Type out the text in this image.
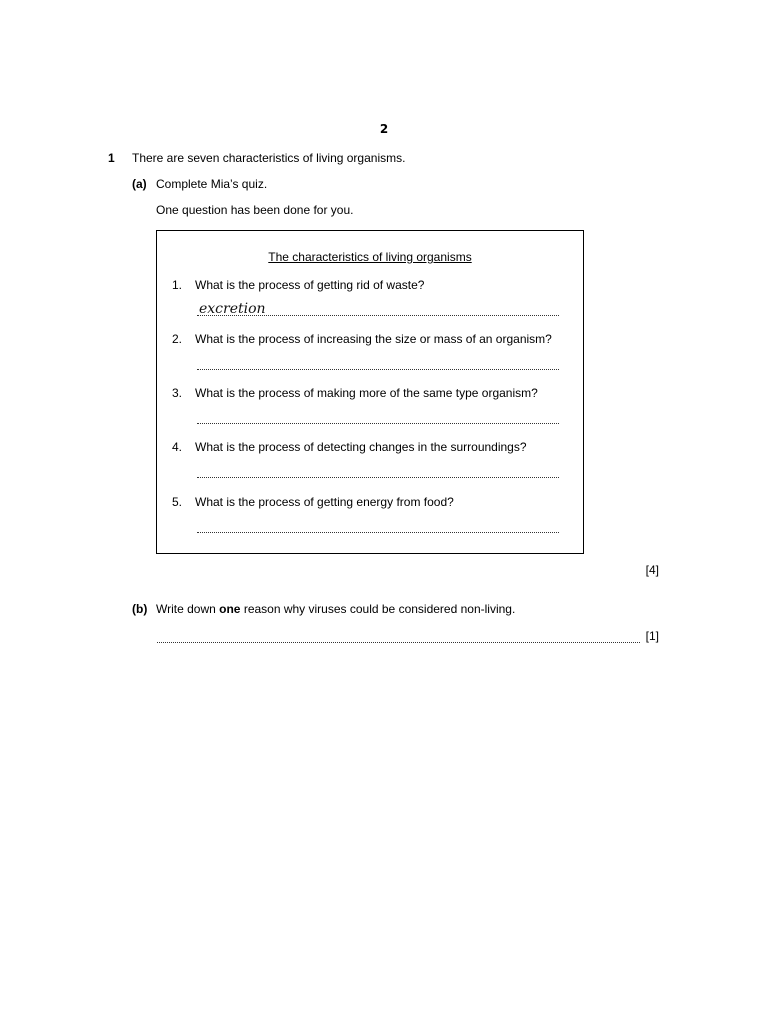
2
1 There are seven characteristics of living organisms.
(a) Complete Mia’s quiz.
One question has been done for you.
The characteristics of living organisms
1. What is the process of getting rid of waste?
excretion
2. What is the process of increasing the size or mass of an organism?
3. What is the process of making more of the same type organism?
4. What is the process of detecting changes in the surroundings?
5. What is the process of getting energy from food?
[4]
(b) Write down one reason why viruses could be considered non-living.
[1]
